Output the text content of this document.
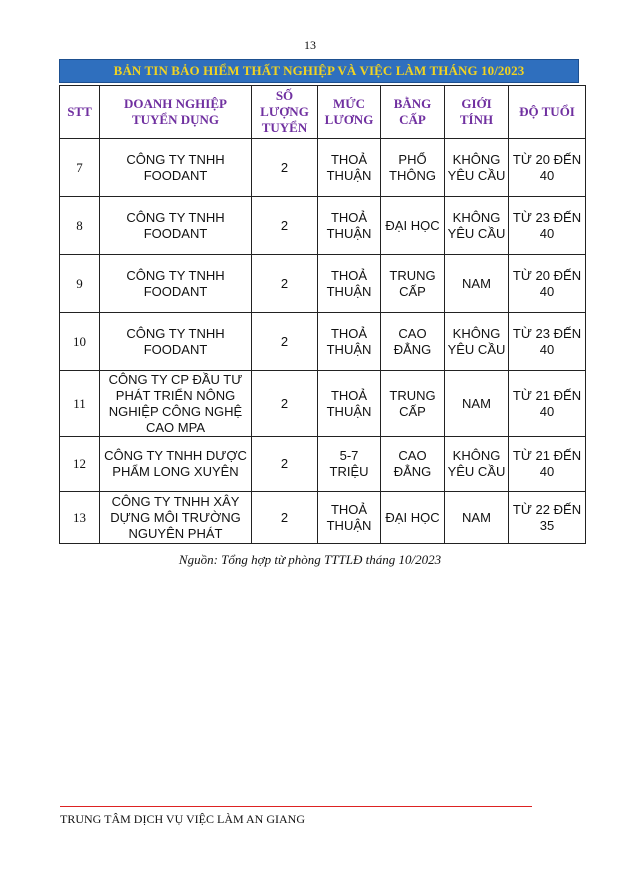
13
BẢN TIN BẢO HIỂM THẤT NGHIỆP VÀ VIỆC LÀM THÁNG 10/2023
STT	DOANH NGHIỆP TUYỂN DỤNG	SỐ LƯỢNG TUYỂN	MỨC LƯƠNG	BẰNG CẤP	GIỚI TÍNH	ĐỘ TUỔI
7	CÔNG TY TNHH FOODANT	2	THOẢ THUẬN	PHỔ THÔNG	KHÔNG YÊU CẦU	TỪ 20 ĐẾN 40
8	CÔNG TY TNHH FOODANT	2	THOẢ THUẬN	ĐẠI HỌC	KHÔNG YÊU CẦU	TỪ 23 ĐẾN 40
9	CÔNG TY TNHH FOODANT	2	THOẢ THUẬN	TRUNG CẤP	NAM	TỪ 20 ĐẾN 40
10	CÔNG TY TNHH FOODANT	2	THOẢ THUẬN	CAO ĐẲNG	KHÔNG YÊU CẦU	TỪ 23 ĐẾN 40
11	CÔNG TY CP ĐẦU TƯ PHÁT TRIỂN NÔNG NGHIỆP CÔNG NGHỆ CAO MPA	2	THOẢ THUẬN	TRUNG CẤP	NAM	TỪ 21 ĐẾN 40
12	CÔNG TY TNHH DƯỢC PHẨM LONG XUYÊN	2	5-7 TRIỆU	CAO ĐẲNG	KHÔNG YÊU CẦU	TỪ 21 ĐẾN 40
13	CÔNG TY TNHH XÂY DỰNG MÔI TRƯỜNG NGUYÊN PHÁT	2	THOẢ THUẬN	ĐẠI HỌC	NAM	TỪ 22 ĐẾN 35
Nguồn: Tổng hợp từ phòng TTTLĐ tháng 10/2023
TRUNG TÂM DỊCH VỤ VIỆC LÀM AN GIANG
